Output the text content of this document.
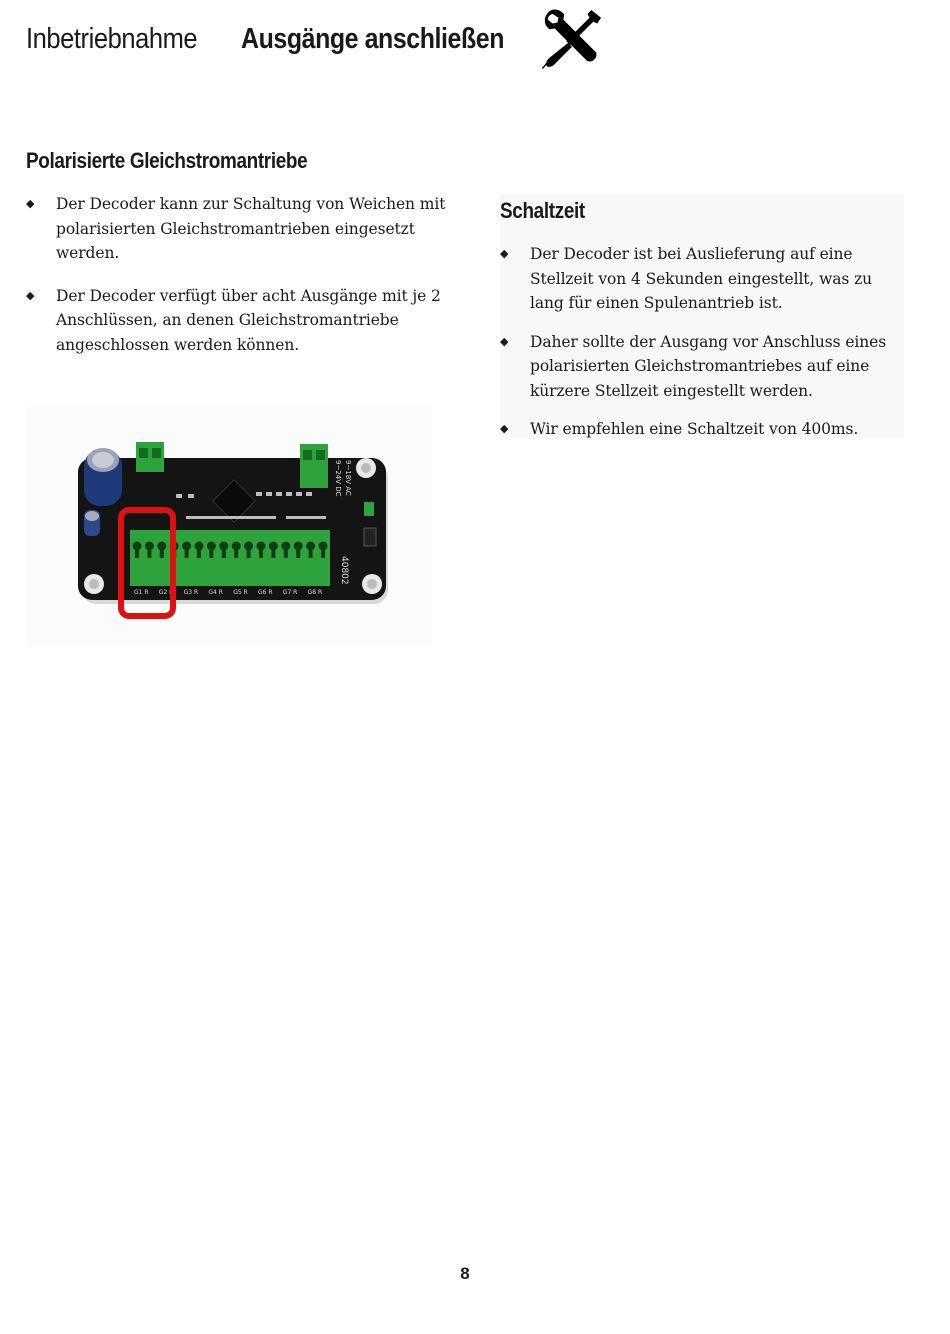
Inbetriebnahme	Ausgänge anschließen
Polarisierte Gleichstromantriebe
◆ Der Decoder kann zur Schaltung von Weichen mit polarisierten Gleichstromantrieben eingesetzt werden.
◆ Der Decoder verfügt über acht Ausgänge mit je 2 Anschlüssen, an denen Gleichstromantriebe angeschlossen werden können.
Schaltzeit
◆ Der Decoder ist bei Auslieferung auf eine Stellzeit von 4 Sekunden eingestellt, was zu lang für einen Spulenantrieb ist.
◆ Daher sollte der Ausgang vor Anschluss eines polarisierten Gleichstromantriebes auf eine kürzere Stellzeit eingestellt werden.
◆ Wir empfehlen eine Schaltzeit von 400ms.
40802
9~24V DC 9~18V AC
G1 R G2 R G3 R G4 R G5 R G6 R G7 R G8 R
8
